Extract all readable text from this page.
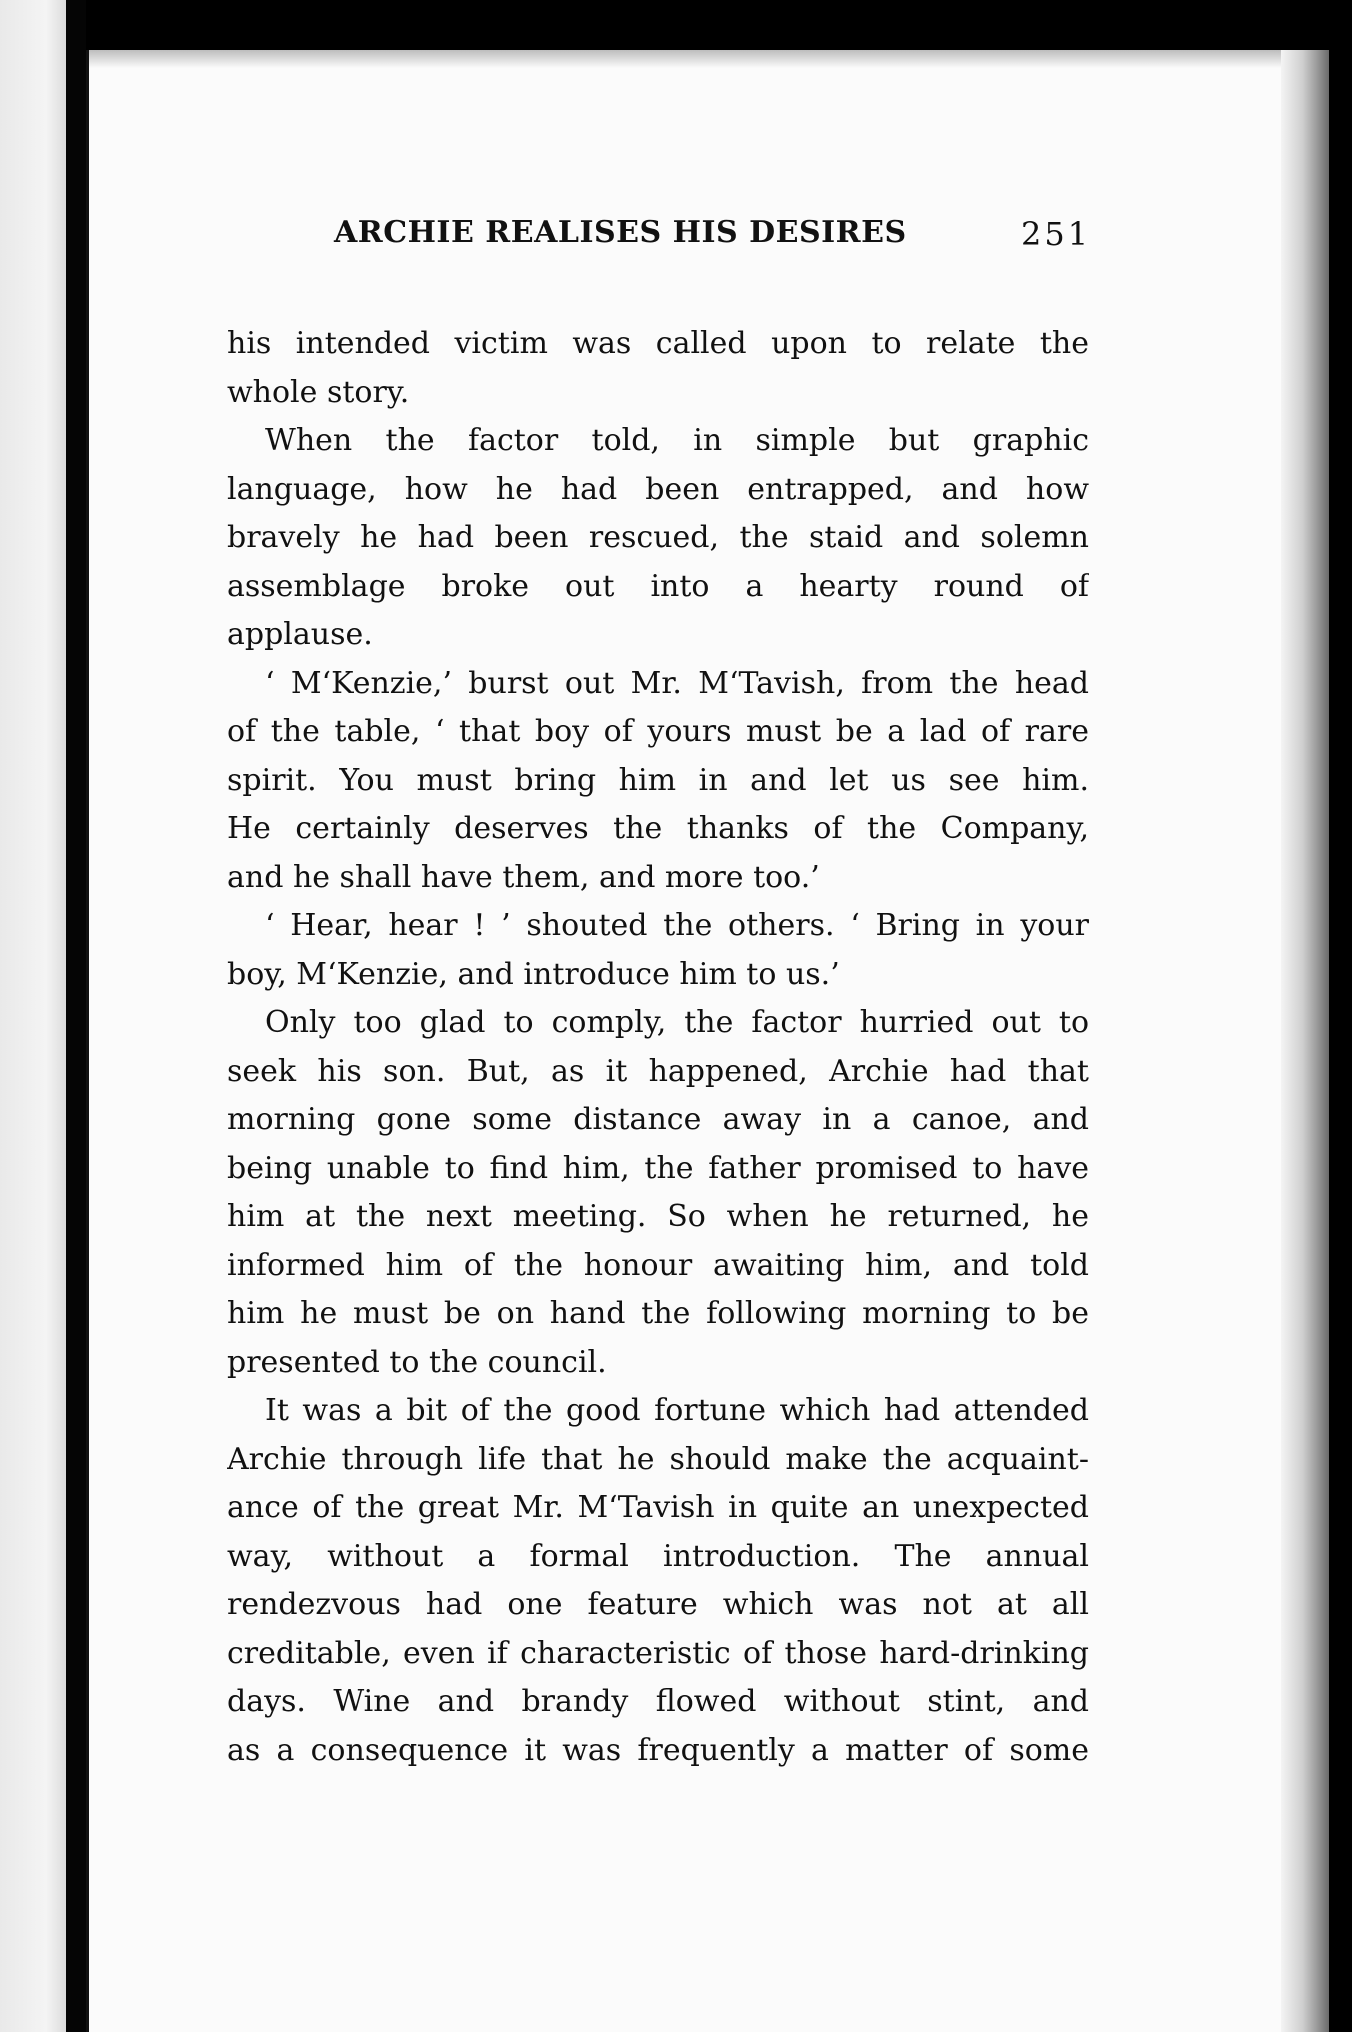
ARCHIE REALISES HIS DESIRES	251
his intended victim was called upon to relate the
whole story.
When the factor told, in simple but graphic
language, how he had been entrapped, and how
bravely he had been rescued, the staid and solemn
assemblage broke out into a hearty round of
applause.
‘ M‘Kenzie,’ burst out Mr. M‘Tavish, from the head
of the table, ‘ that boy of yours must be a lad of rare
spirit. You must bring him in and let us see him.
He certainly deserves the thanks of the Company,
and he shall have them, and more too.’
‘ Hear, hear ! ’ shouted the others. ‘ Bring in your
boy, M‘Kenzie, and introduce him to us.’
Only too glad to comply, the factor hurried out to
seek his son. But, as it happened, Archie had that
morning gone some distance away in a canoe, and
being unable to find him, the father promised to have
him at the next meeting. So when he returned, he
informed him of the honour awaiting him, and told
him he must be on hand the following morning to be
presented to the council.
It was a bit of the good fortune which had attended
Archie through life that he should make the acquaint-
ance of the great Mr. M‘Tavish in quite an unexpected
way, without a formal introduction. The annual
rendezvous had one feature which was not at all
creditable, even if characteristic of those hard-drinking
days. Wine and brandy flowed without stint, and
as a consequence it was frequently a matter of some
